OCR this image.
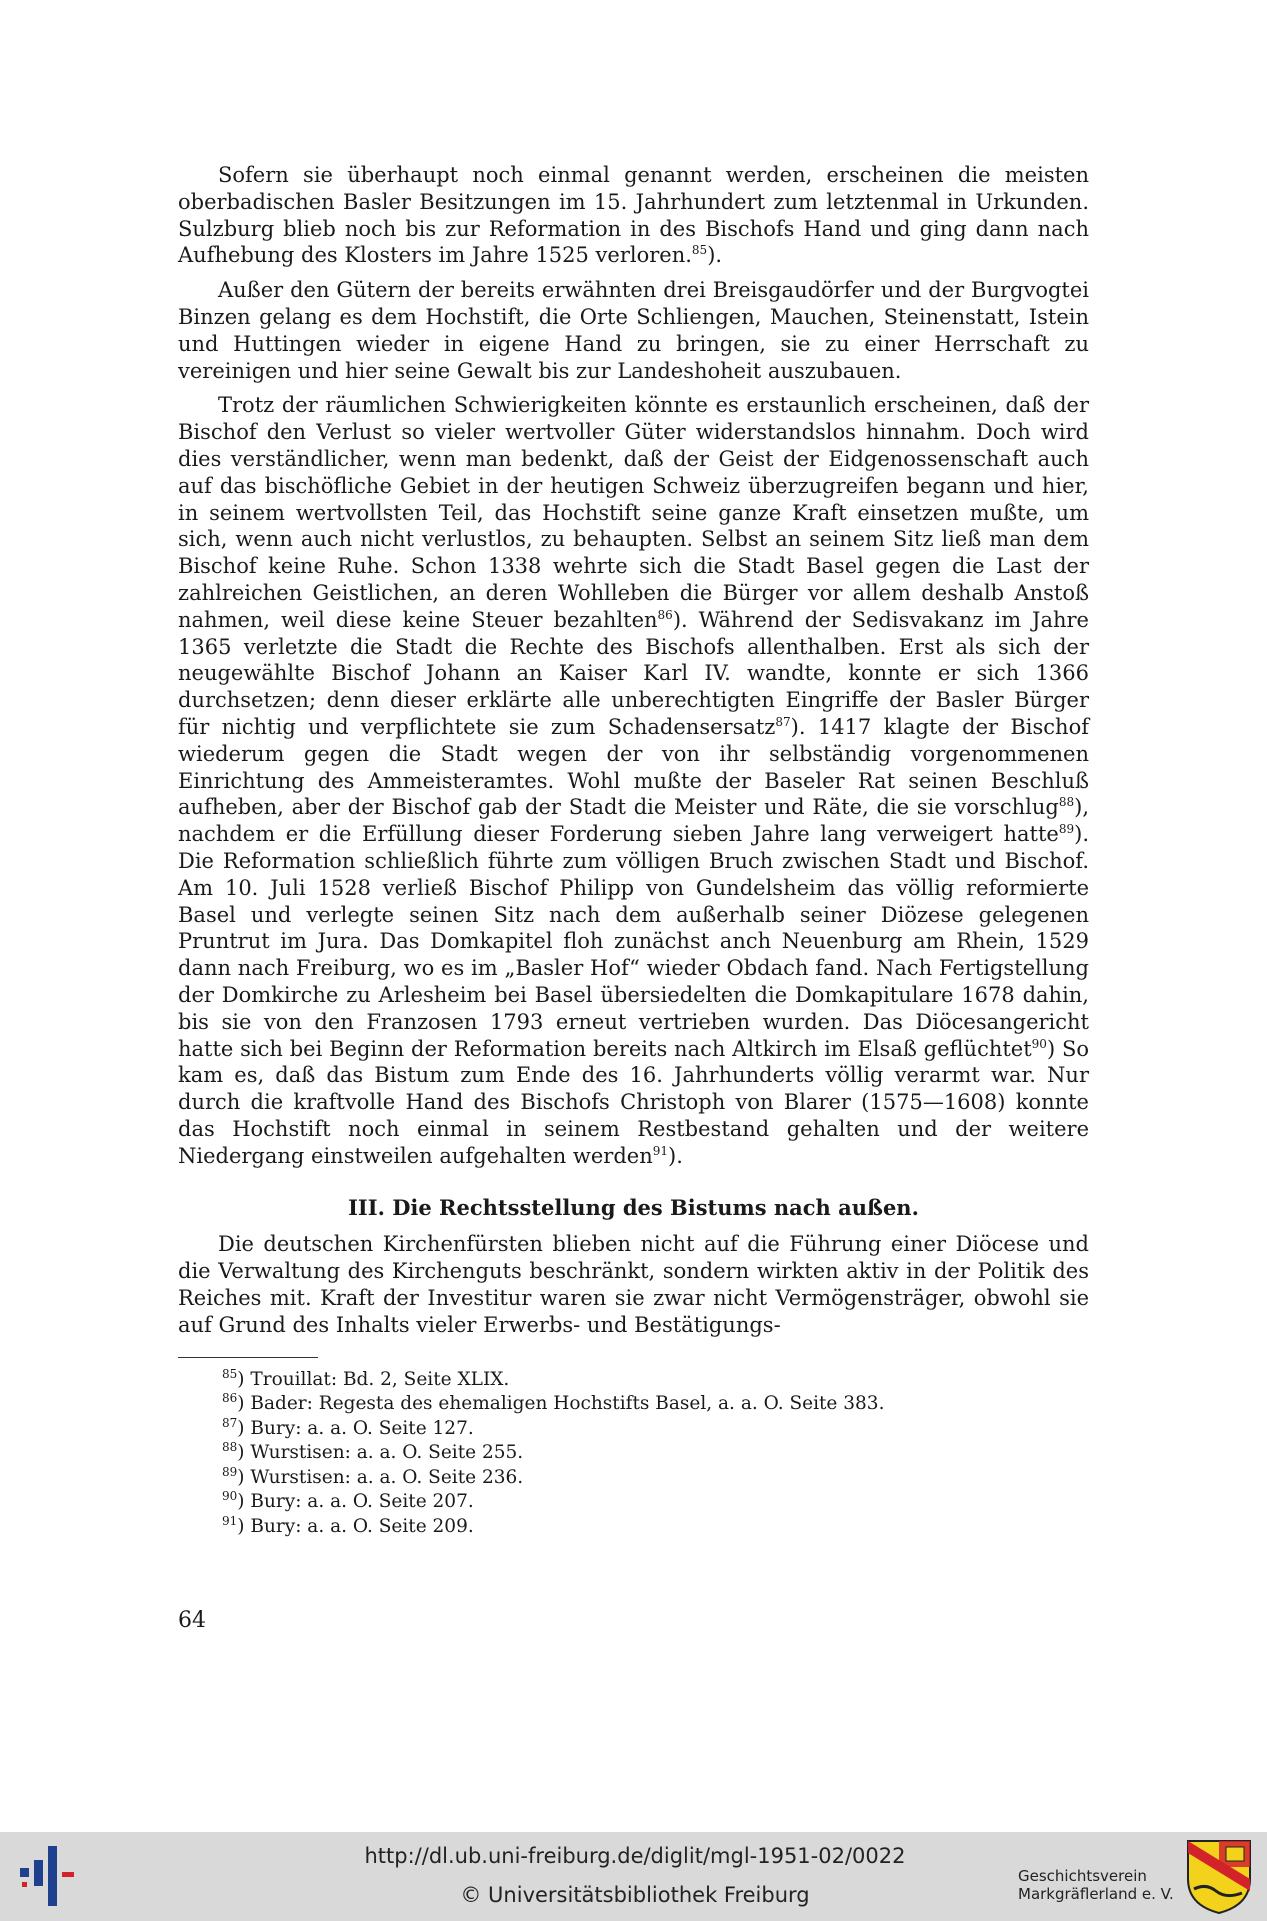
Sofern sie überhaupt noch einmal genannt werden, erscheinen die meisten oberbadischen Basler Besitzungen im 15. Jahrhundert zum letztenmal in Urkunden. Sulzburg blieb noch bis zur Reformation in des Bischofs Hand und ging dann nach Aufhebung des Klosters im Jahre 1525 verloren.$^{85}$).

Außer den Gütern der bereits erwähnten drei Breisgaudörfer und der Burgvogtei Binzen gelang es dem Hochstift, die Orte Schliengen, Mauchen, Steinenstatt, Istein und Huttingen wieder in eigene Hand zu bringen, sie zu einer Herrschaft zu vereinigen und hier seine Gewalt bis zur Landeshoheit auszubauen.

Trotz der räumlichen Schwierigkeiten könnte es erstaunlich erscheinen, daß der Bischof den Verlust so vieler wertvoller Güter widerstandslos hinnahm. Doch wird dies verständlicher, wenn man bedenkt, daß der Geist der Eidgenossenschaft auch auf das bischöfliche Gebiet in der heutigen Schweiz überzugreifen begann und hier, in seinem wertvollsten Teil, das Hochstift seine ganze Kraft einsetzen mußte, um sich, wenn auch nicht verlustlos, zu behaupten. Selbst an seinem Sitz ließ man dem Bischof keine Ruhe. Schon 1338 wehrte sich die Stadt Basel gegen die Last der zahlreichen Geistlichen, an deren Wohlleben die Bürger vor allem deshalb Anstoß nahmen, weil diese keine Steuer bezahlten$^{86}$). Während der Sedisvakanz im Jahre 1365 verletzte die Stadt die Rechte des Bischofs allenthalben. Erst als sich der neugewählte Bischof Johann an Kaiser Karl IV. wandte, konnte er sich 1366 durchsetzen; denn dieser erklärte alle unberechtigten Eingriffe der Basler Bürger für nichtig und verpflichtete sie zum Schadensersatz$^{87}$). 1417 klagte der Bischof wiederum gegen die Stadt wegen der von ihr selbständig vorgenommenen Einrichtung des Ammeisteramtes. Wohl mußte der Baseler Rat seinen Beschluß aufheben, aber der Bischof gab der Stadt die Meister und Räte, die sie vorschlug$^{88}$), nachdem er die Erfüllung dieser Forderung sieben Jahre lang verweigert hatte$^{89}$). Die Reformation schließlich führte zum völligen Bruch zwischen Stadt und Bischof. Am 10. Juli 1528 verließ Bischof Philipp von Gundelsheim das völlig reformierte Basel und verlegte seinen Sitz nach dem außerhalb seiner Diözese gelegenen Pruntrut im Jura. Das Domkapitel floh zunächst anch Neuenburg am Rhein, 1529 dann nach Freiburg, wo es im „Basler Hof“ wieder Obdach fand. Nach Fertigstellung der Domkirche zu Arlesheim bei Basel übersiedelten die Domkapitulare 1678 dahin, bis sie von den Franzosen 1793 erneut vertrieben wurden. Das Diöcesangericht hatte sich bei Beginn der Reformation bereits nach Altkirch im Elsaß geflüchtet$^{90}$) So kam es, daß das Bistum zum Ende des 16. Jahrhunderts völlig verarmt war. Nur durch die kraftvolle Hand des Bischofs Christoph von Blarer (1575—1608) konnte das Hochstift noch einmal in seinem Restbestand gehalten und der weitere Niedergang einstweilen aufgehalten werden$^{91}$).

III. Die Rechtsstellung des Bistums nach außen.

Die deutschen Kirchenfürsten blieben nicht auf die Führung einer Diöcese und die Verwaltung des Kirchenguts beschränkt, sondern wirkten aktiv in der Politik des Reiches mit. Kraft der Investitur waren sie zwar nicht Vermögensträger, obwohl sie auf Grund des Inhalts vieler Erwerbs- und Bestätigungs-

$^{85}$) Trouillat: Bd. 2, Seite XLIX.
$^{86}$) Bader: Regesta des ehemaligen Hochstifts Basel, a. a. O. Seite 383.
$^{87}$) Bury: a. a. O. Seite 127.
$^{88}$) Wurstisen: a. a. O. Seite 255.
$^{89}$) Wurstisen: a. a. O. Seite 236.
$^{90}$) Bury: a. a. O. Seite 207.
$^{91}$) Bury: a. a. O. Seite 209.
64
http://dl.ub.uni-freiburg.de/diglit/mgl-1951-02/0022
© Universitätsbibliothek Freiburg
Geschichtsverein
Markgräflerland e. V.
